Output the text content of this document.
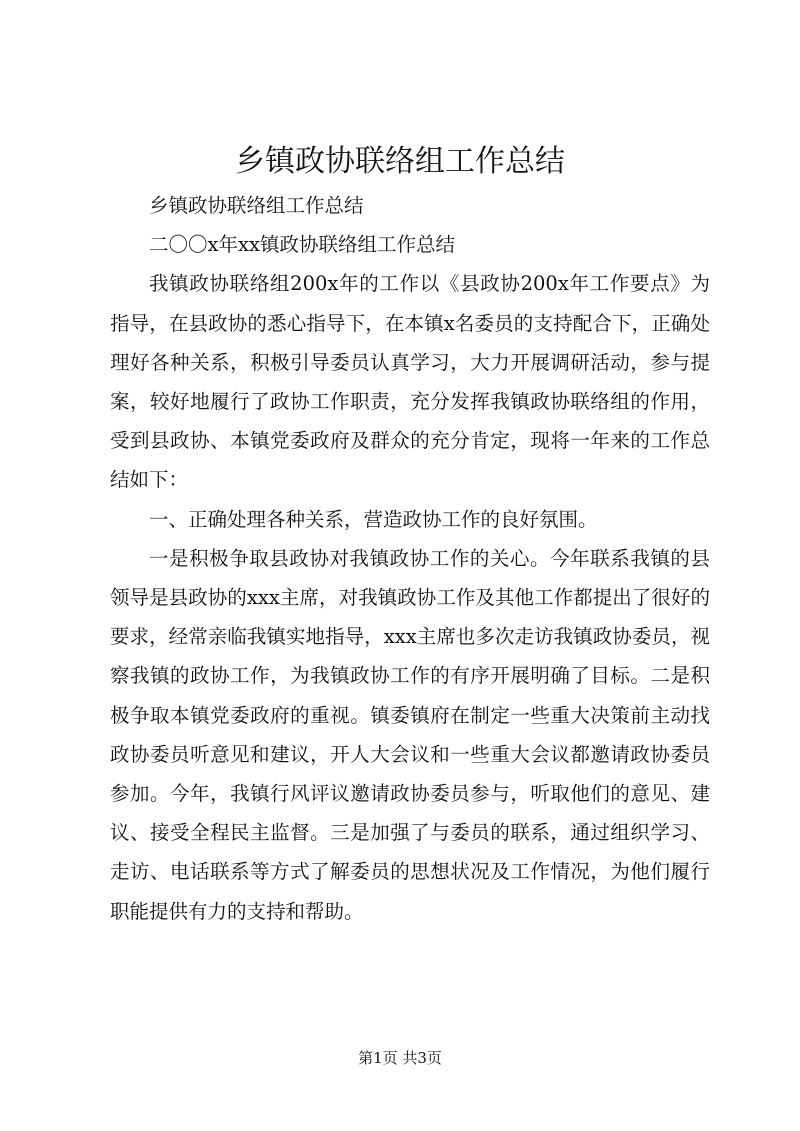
乡镇政协联络组工作总结

乡镇政协联络组工作总结

二〇〇x年xx镇政协联络组工作总结

我镇政协联络组200x年的工作以《县政协200x年工作要点》为指导，在县政协的悉心指导下，在本镇x名委员的支持配合下，正确处理好各种关系，积极引导委员认真学习，大力开展调研活动，参与提案，较好地履行了政协工作职责，充分发挥我镇政协联络组的作用，受到县政协、本镇党委政府及群众的充分肯定，现将一年来的工作总结如下：

一、正确处理各种关系，营造政协工作的良好氛围。

一是积极争取县政协对我镇政协工作的关心。今年联系我镇的县领导是县政协的xxx主席，对我镇政协工作及其他工作都提出了很好的要求，经常亲临我镇实地指导，xxx主席也多次走访我镇政协委员，视察我镇的政协工作，为我镇政协工作的有序开展明确了目标。二是积极争取本镇党委政府的重视。镇委镇府在制定一些重大决策前主动找政协委员听意见和建议，开人大会议和一些重大会议都邀请政协委员参加。今年，我镇行风评议邀请政协委员参与，听取他们的意见、建议、接受全程民主监督。三是加强了与委员的联系，通过组织学习、走访、电话联系等方式了解委员的思想状况及工作情况，为他们履行职能提供有力的支持和帮助。

第1页 共3页
